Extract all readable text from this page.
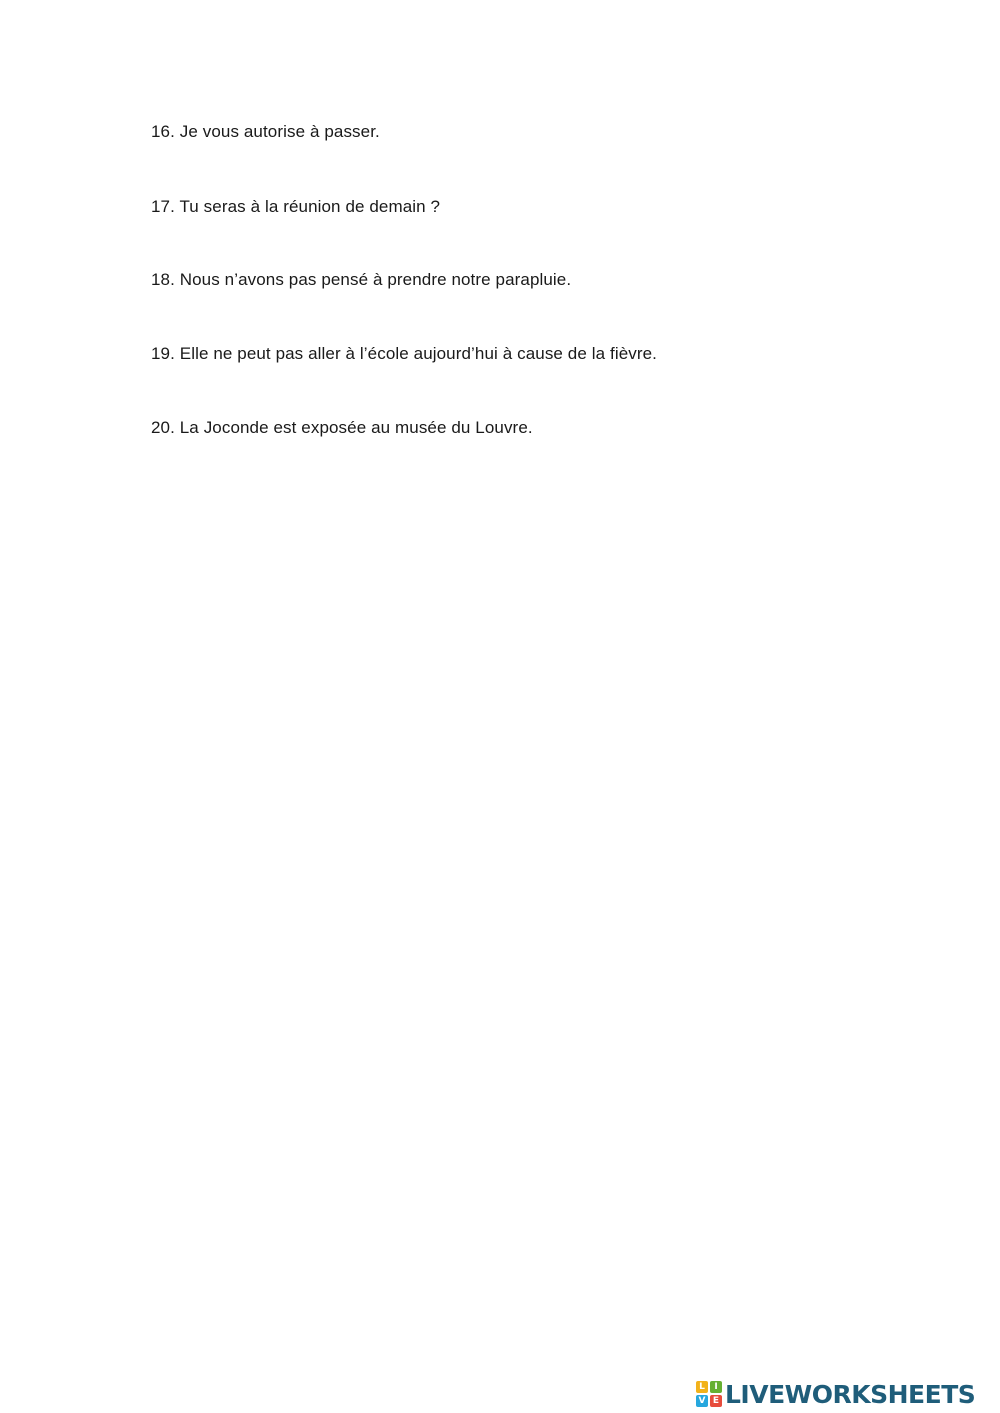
16. Je vous autorise à passer.
17. Tu seras à la réunion de demain ?
18. Nous n’avons pas pensé à prendre notre parapluie.
19. Elle ne peut pas aller à l’école aujourd’hui à cause de la fièvre.
20. La Joconde est exposée au musée du Louvre.
L	I
V E LIVEWORKSHEETS
